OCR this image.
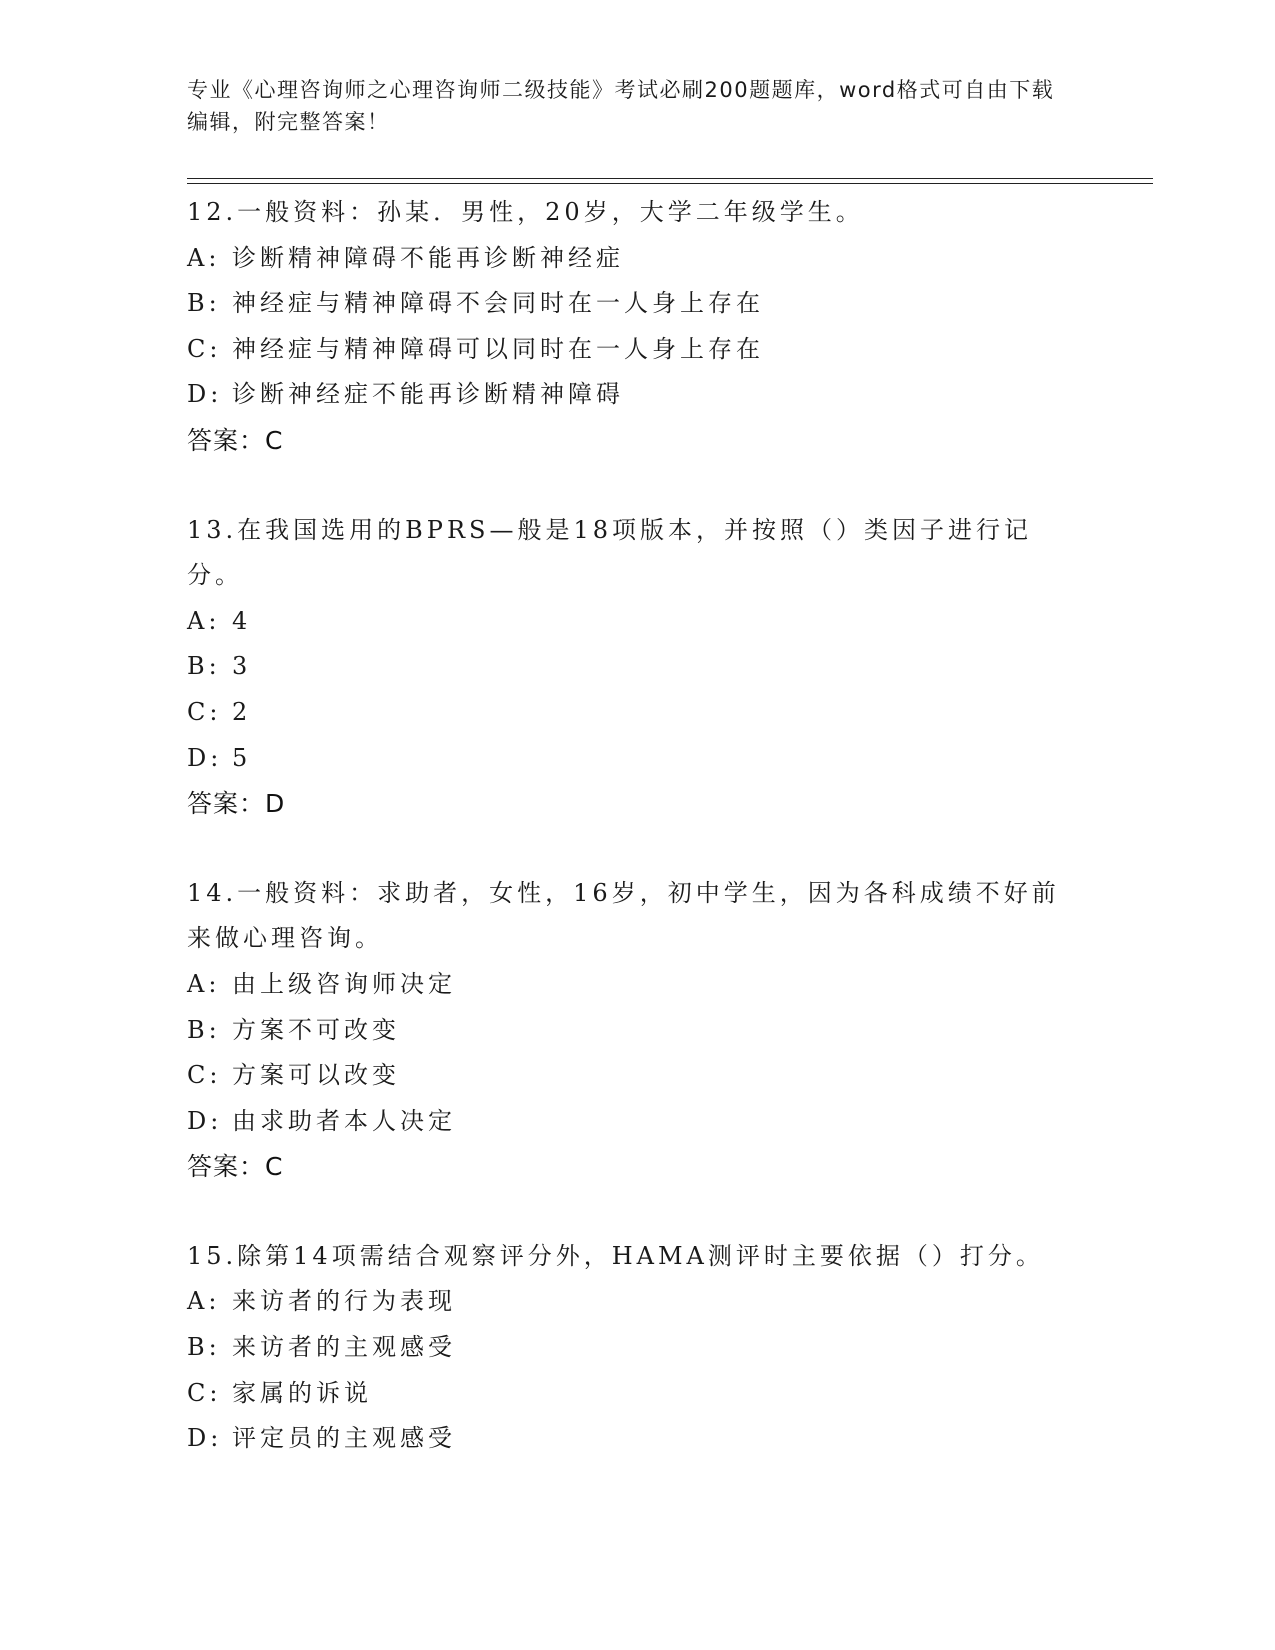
专业《心理咨询师之心理咨询师二级技能》考试必刷200题题库，word格式可自由下载编辑，附完整答案！
12.一般资料：孙某．男性，20岁，大学二年级学生。
A: 诊断精神障碍不能再诊断神经症
B: 神经症与精神障碍不会同时在一人身上存在
C: 神经症与精神障碍可以同时在一人身上存在
D: 诊断神经症不能再诊断精神障碍
答案：C
13.在我国选用的BPRS—般是18项版本，并按照（）类因子进行记分。
A: 4
B: 3
C: 2
D: 5
答案：D
14.一般资料：求助者，女性，16岁，初中学生，因为各科成绩不好前来做心理咨询。
A: 由上级咨询师决定
B: 方案不可改变
C: 方案可以改变
D: 由求助者本人决定
答案：C
15.除第14项需结合观察评分外，HAMA测评时主要依据（）打分。
A: 来访者的行为表现
B: 来访者的主观感受
C: 家属的诉说
D: 评定员的主观感受
